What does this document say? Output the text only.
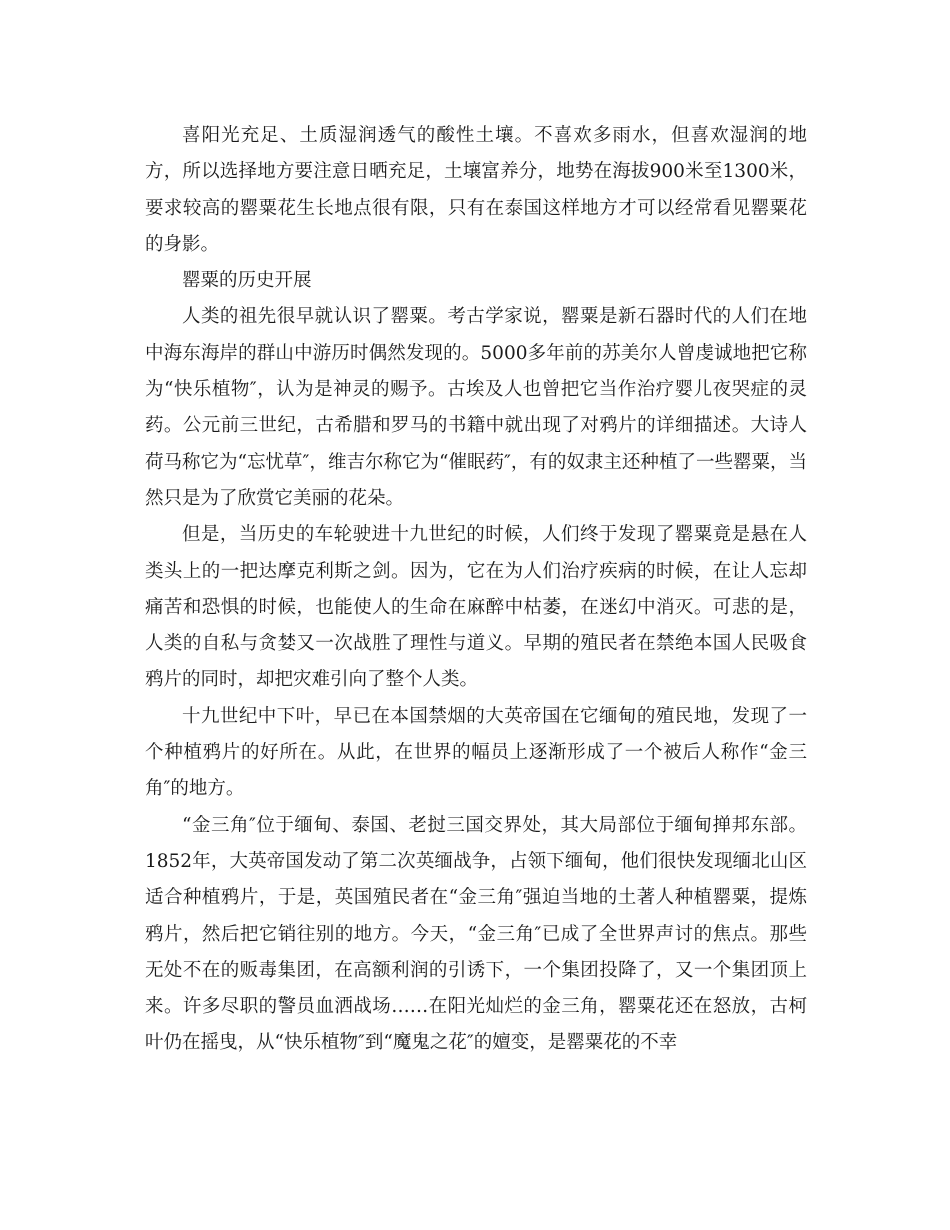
喜阳光充足、土质湿润透气的酸性土壤。不喜欢多雨水，但喜欢湿润的地方，所以选择地方要注意日晒充足，土壤富养分，地势在海拔900米至1300米，要求较高的罂粟花生长地点很有限，只有在泰国这样地方才可以经常看见罂粟花的身影。

罂粟的历史开展

人类的祖先很早就认识了罂粟。考古学家说，罂粟是新石器时代的人们在地中海东海岸的群山中游历时偶然发现的。5000多年前的苏美尔人曾虔诚地把它称为“快乐植物″，认为是神灵的赐予。古埃及人也曾把它当作治疗婴儿夜哭症的灵药。公元前三世纪，古希腊和罗马的书籍中就出现了对鸦片的详细描述。大诗人荷马称它为“忘忧草″，维吉尔称它为“催眠药″，有的奴隶主还种植了一些罂粟，当然只是为了欣赏它美丽的花朵。

但是，当历史的车轮驶进十九世纪的时候，人们终于发现了罂粟竟是悬在人类头上的一把达摩克利斯之剑。因为，它在为人们治疗疾病的时候，在让人忘却痛苦和恐惧的时候，也能使人的生命在麻醉中枯萎，在迷幻中消灭。可悲的是，人类的自私与贪婪又一次战胜了理性与道义。早期的殖民者在禁绝本国人民吸食鸦片的同时，却把灾难引向了整个人类。

十九世纪中下叶，早已在本国禁烟的大英帝国在它缅甸的殖民地，发现了一个种植鸦片的好所在。从此，在世界的幅员上逐渐形成了一个被后人称作“金三角″的地方。

“金三角″位于缅甸、泰国、老挝三国交界处，其大局部位于缅甸掸邦东部。1852年，大英帝国发动了第二次英缅战争，占领下缅甸，他们很快发现缅北山区适合种植鸦片，于是，英国殖民者在“金三角″强迫当地的土著人种植罂粟，提炼鸦片，然后把它销往别的地方。今天，“金三角″已成了全世界声讨的焦点。那些无处不在的贩毒集团，在高额利润的引诱下，一个集团投降了，又一个集团顶上来。许多尽职的警员血洒战场……在阳光灿烂的金三角，罂粟花还在怒放，古柯叶仍在摇曳，从“快乐植物″到“魔鬼之花″的嬗变，是罂粟花的不幸
